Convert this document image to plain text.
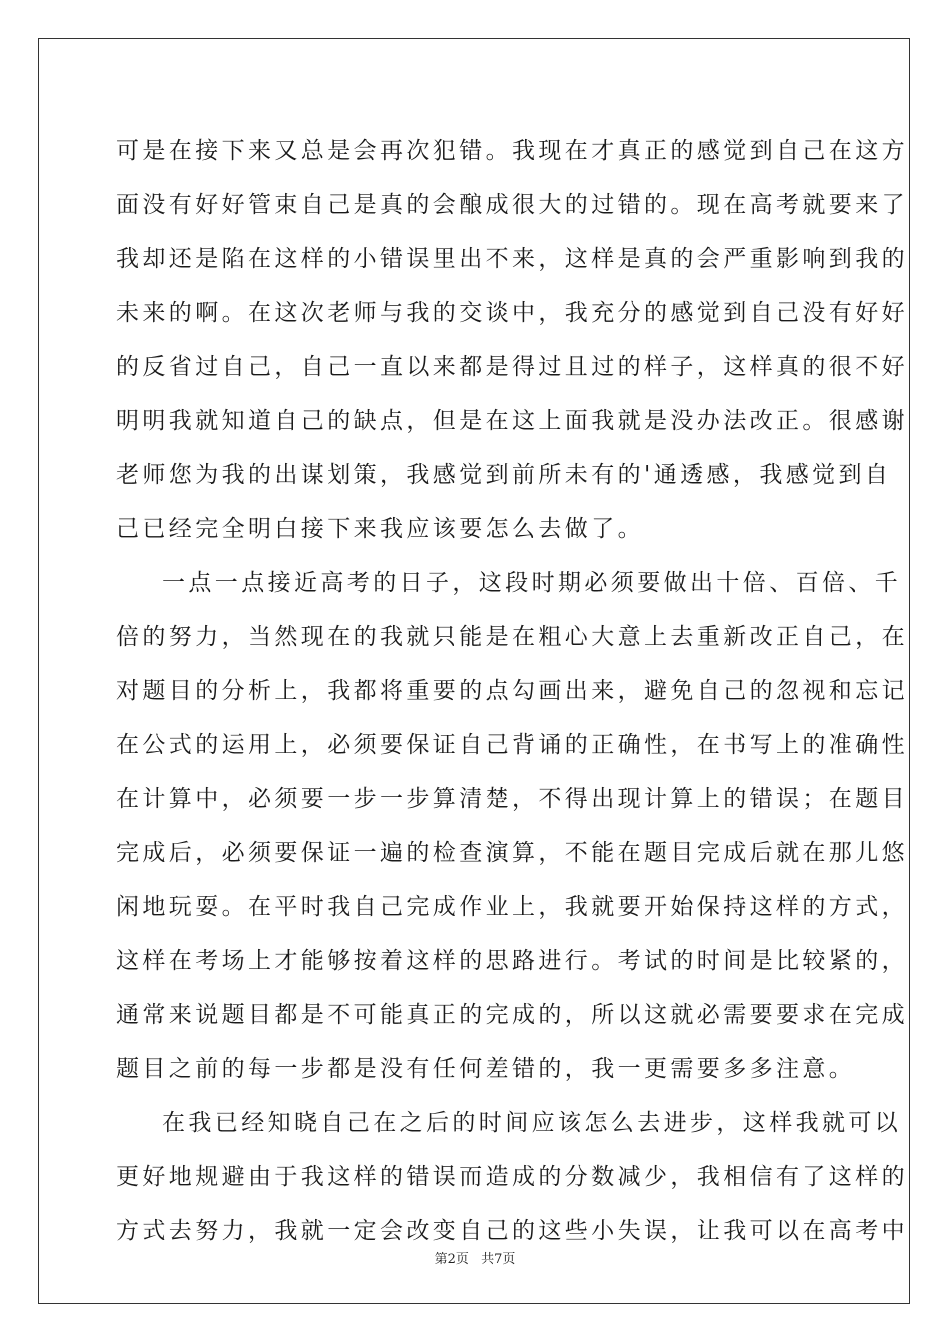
可是在接下来又总是会再次犯错。我现在才真正的感觉到自己在这方
面没有好好管束自己是真的会酿成很大的过错的。现在高考就要来了
我却还是陷在这样的小错误里出不来，这样是真的会严重影响到我的
未来的啊。在这次老师与我的交谈中，我充分的感觉到自己没有好好
的反省过自己，自己一直以来都是得过且过的样子，这样真的很不好
明明我就知道自己的缺点，但是在这上面我就是没办法改正。很感谢
老师您为我的出谋划策，我感觉到前所未有的'通透感，我感觉到自
己已经完全明白接下来我应该要怎么去做了。
一点一点接近高考的日子，这段时期必须要做出十倍、百倍、千
倍的努力，当然现在的我就只能是在粗心大意上去重新改正自己，在
对题目的分析上，我都将重要的点勾画出来，避免自己的忽视和忘记
在公式的运用上，必须要保证自己背诵的正确性，在书写上的准确性
在计算中，必须要一步一步算清楚，不得出现计算上的错误；在题目
完成后，必须要保证一遍的检查演算，不能在题目完成后就在那儿悠
闲地玩耍。在平时我自己完成作业上，我就要开始保持这样的方式，
这样在考场上才能够按着这样的思路进行。考试的时间是比较紧的，
通常来说题目都是不可能真正的完成的，所以这就必需要要求在完成
题目之前的每一步都是没有任何差错的，我一更需要多多注意。
在我已经知晓自己在之后的时间应该怎么去进步，这样我就可以
更好地规避由于我这样的错误而造成的分数减少，我相信有了这样的
方式去努力，我就一定会改变自己的这些小失误，让我可以在高考中
第2页 共7页
